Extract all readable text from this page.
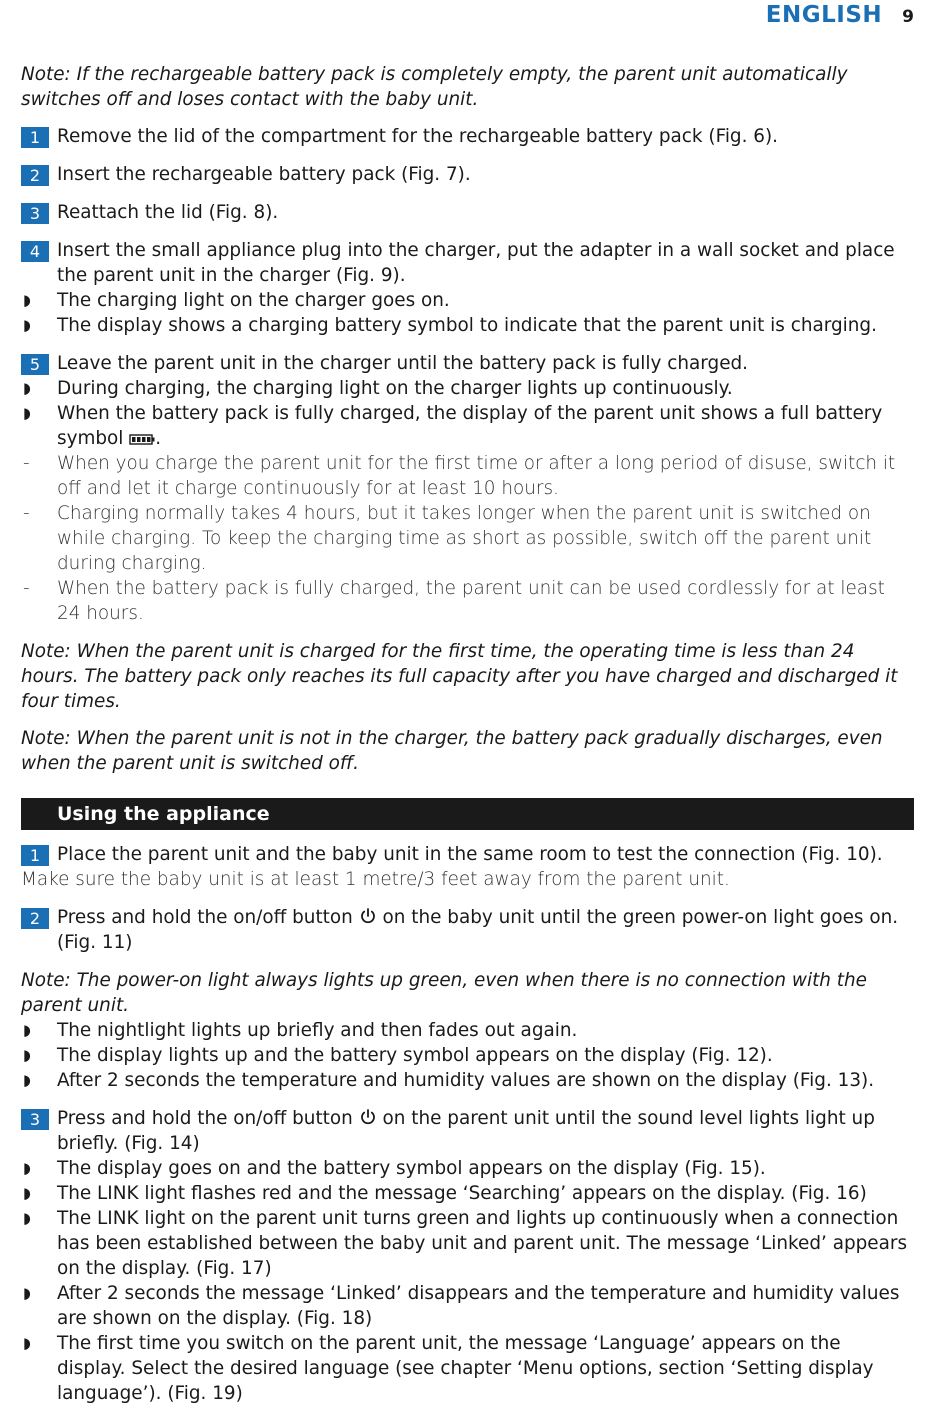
ENGLISH 9

Note: If the rechargeable battery pack is completely empty, the parent unit automatically switches off and loses contact with the baby unit.

1 Remove the lid of the compartment for the rechargeable battery pack (Fig. 6).
2 Insert the rechargeable battery pack (Fig. 7).
3 Reattach the lid (Fig. 8).
4 Insert the small appliance plug into the charger, put the adapter in a wall socket and place the parent unit in the charger (Fig. 9).
◗ The charging light on the charger goes on.
◗ The display shows a charging battery symbol to indicate that the parent unit is charging.
5 Leave the parent unit in the charger until the battery pack is fully charged.
◗ During charging, the charging light on the charger lights up continuously.
◗ When the battery pack is fully charged, the display of the parent unit shows a full battery symbol .
- When you charge the parent unit for the first time or after a long period of disuse, switch it off and let it charge continuously for at least 10 hours.
- Charging normally takes 4 hours, but it takes longer when the parent unit is switched on while charging. To keep the charging time as short as possible, switch off the parent unit during charging.
- When the battery pack is fully charged, the parent unit can be used cordlessly for at least 24 hours.

Note: When the parent unit is charged for the first time, the operating time is less than 24 hours. The battery pack only reaches its full capacity after you have charged and discharged it four times.

Note: When the parent unit is not in the charger, the battery pack gradually discharges, even when the parent unit is switched off.

Using the appliance
1 Place the parent unit and the baby unit in the same room to test the connection (Fig. 10).
Make sure the baby unit is at least 1 metre/3 feet away from the parent unit.
2 Press and hold the on/off button on the baby unit until the green power-on light goes on. (Fig. 11)

Note: The power-on light always lights up green, even when there is no connection with the parent unit.

◗ The nightlight lights up briefly and then fades out again.
◗ The display lights up and the battery symbol appears on the display (Fig. 12).
◗ After 2 seconds the temperature and humidity values are shown on the display (Fig. 13).
3 Press and hold the on/off button on the parent unit until the sound level lights light up briefly. (Fig. 14)
◗ The display goes on and the battery symbol appears on the display (Fig. 15).
◗ The LINK light flashes red and the message ‘Searching’ appears on the display. (Fig. 16)
◗ The LINK light on the parent unit turns green and lights up continuously when a connection has been established between the baby unit and parent unit. The message ‘Linked’ appears on the display. (Fig. 17)
◗ After 2 seconds the message ‘Linked’ disappears and the temperature and humidity values are shown on the display. (Fig. 18)
◗ The first time you switch on the parent unit, the message ‘Language’ appears on the display. Select the desired language (see chapter ‘Menu options, section ‘Setting display language’). (Fig. 19)
